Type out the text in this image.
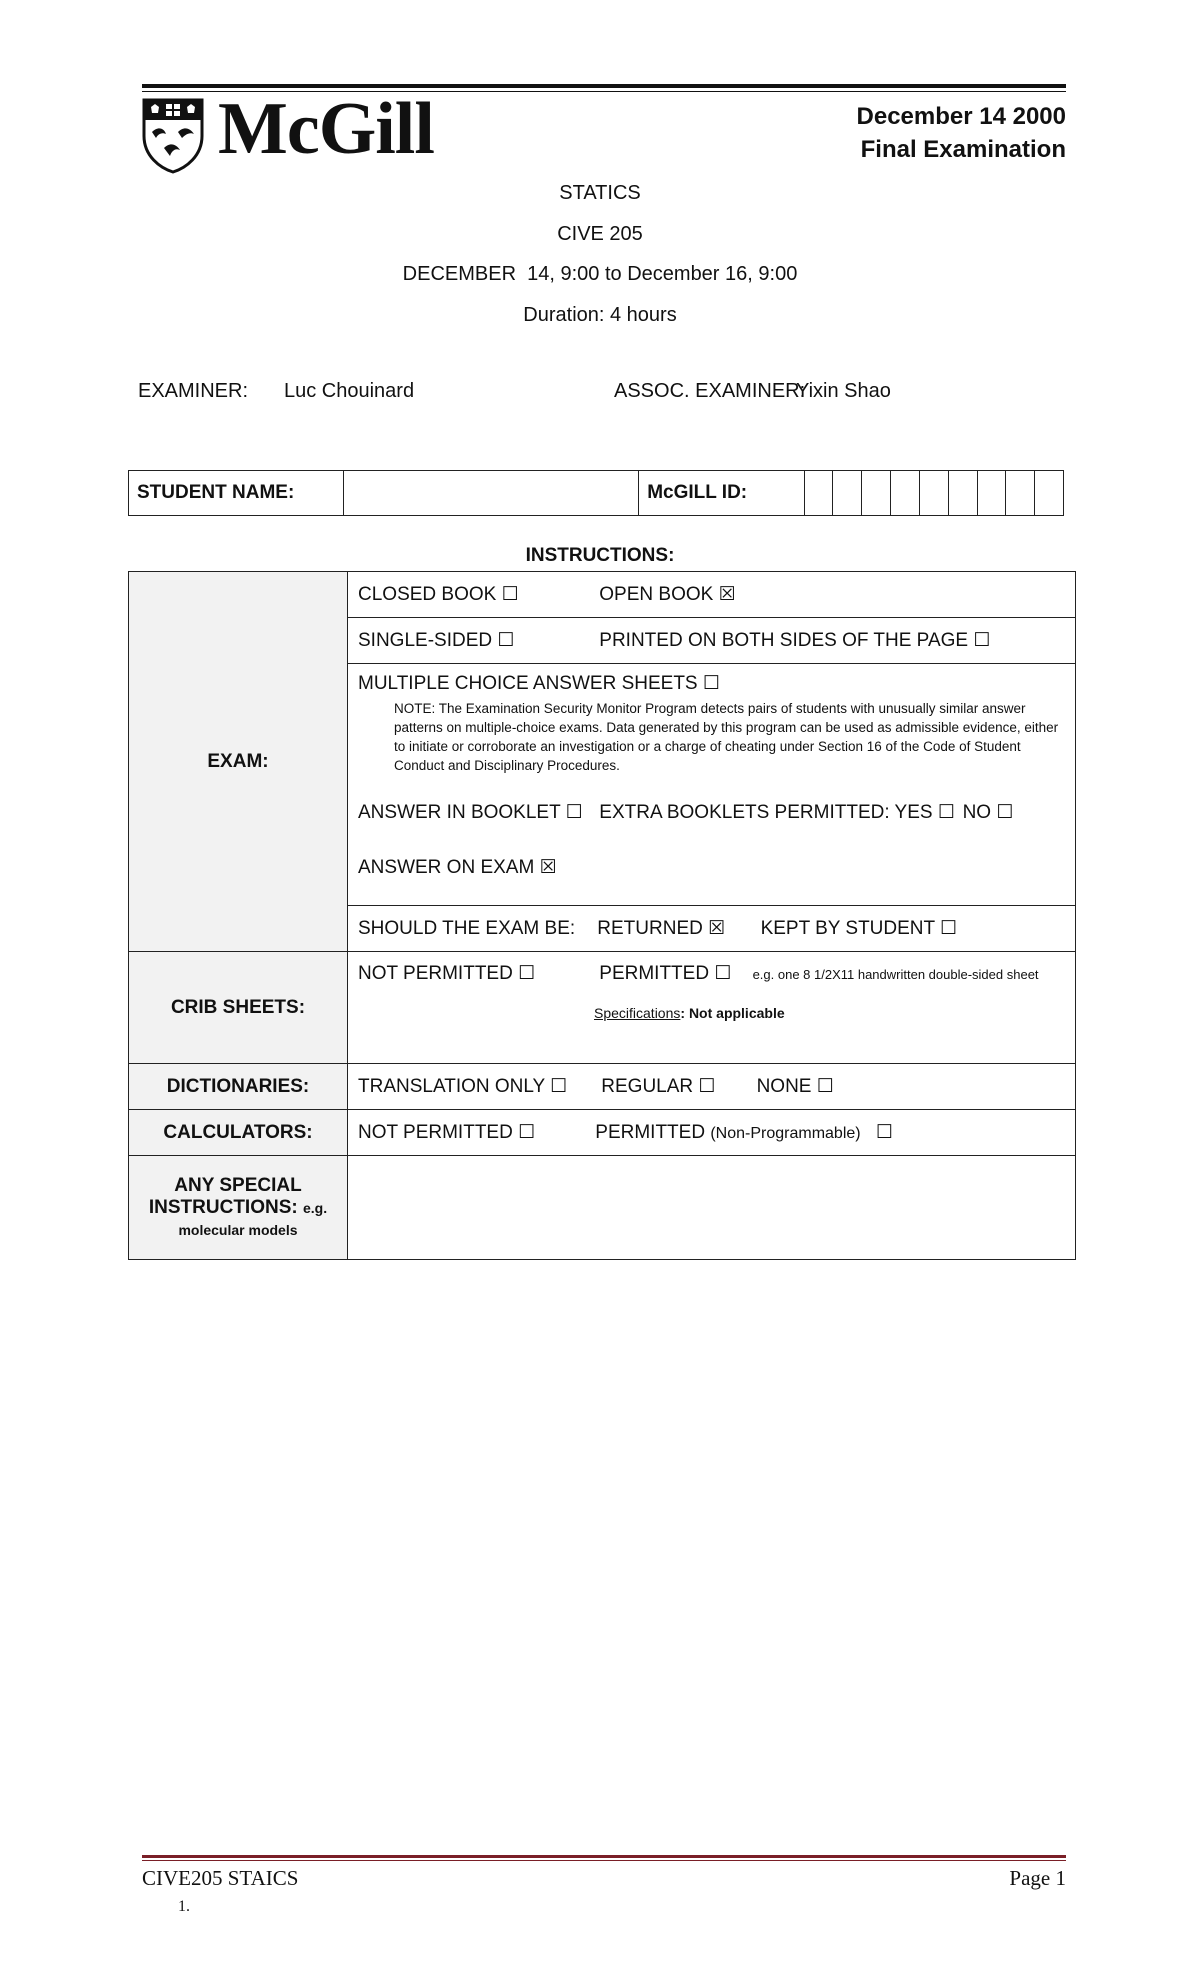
McGill	December 14 2000
Final Examination
STATICS
CIVE 205
DECEMBER  14, 9:00 to December 16, 9:00
Duration: 4 hours
EXAMINER: Luc Chouinard	ASSOC. EXAMINER:
Yixin Shao
STUDENT NAME:		McGILL ID:									
INSTRUCTIONS:
EXAM:	CLOSED BOOK ☐ OPEN BOOK ☒
	SINGLE-SIDED ☐ PRINTED ON BOTH SIDES OF THE PAGE ☐

	MULTIPLE CHOICE ANSWER SHEETS ☐
NOTE: The Examination Security Monitor Program detects pairs of students with unusually similar answer patterns on multiple-choice exams. Data generated by this program can be used as admissible evidence, either to initiate or corroborate an investigation or a charge of cheating under Section 16 of the Code of Student Conduct and Disciplinary Procedures.
ANSWER IN BOOKLET ☐ EXTRA BOOKLETS PERMITTED: YES ☐ NO ☐
ANSWER ON EXAM ☒

	SHOULD THE EXAM BE: RETURNED ☒ KEPT BY STUDENT ☐
CRIB SHEETS:	NOT PERMITTED ☐ PERMITTED ☐ e.g. one 8 1/2X11 handwritten double-sided sheet
Specifications: Not applicable

DICTIONARIES:	TRANSLATION ONLY ☐ REGULAR ☐ NONE ☐
CALCULATORS:	NOT PERMITTED ☐ PERMITTED (Non-Programmable) ☐
ANY SPECIAL INSTRUCTIONS: e.g. molecular models	
CIVE205 STAICS	Page 1
1.
